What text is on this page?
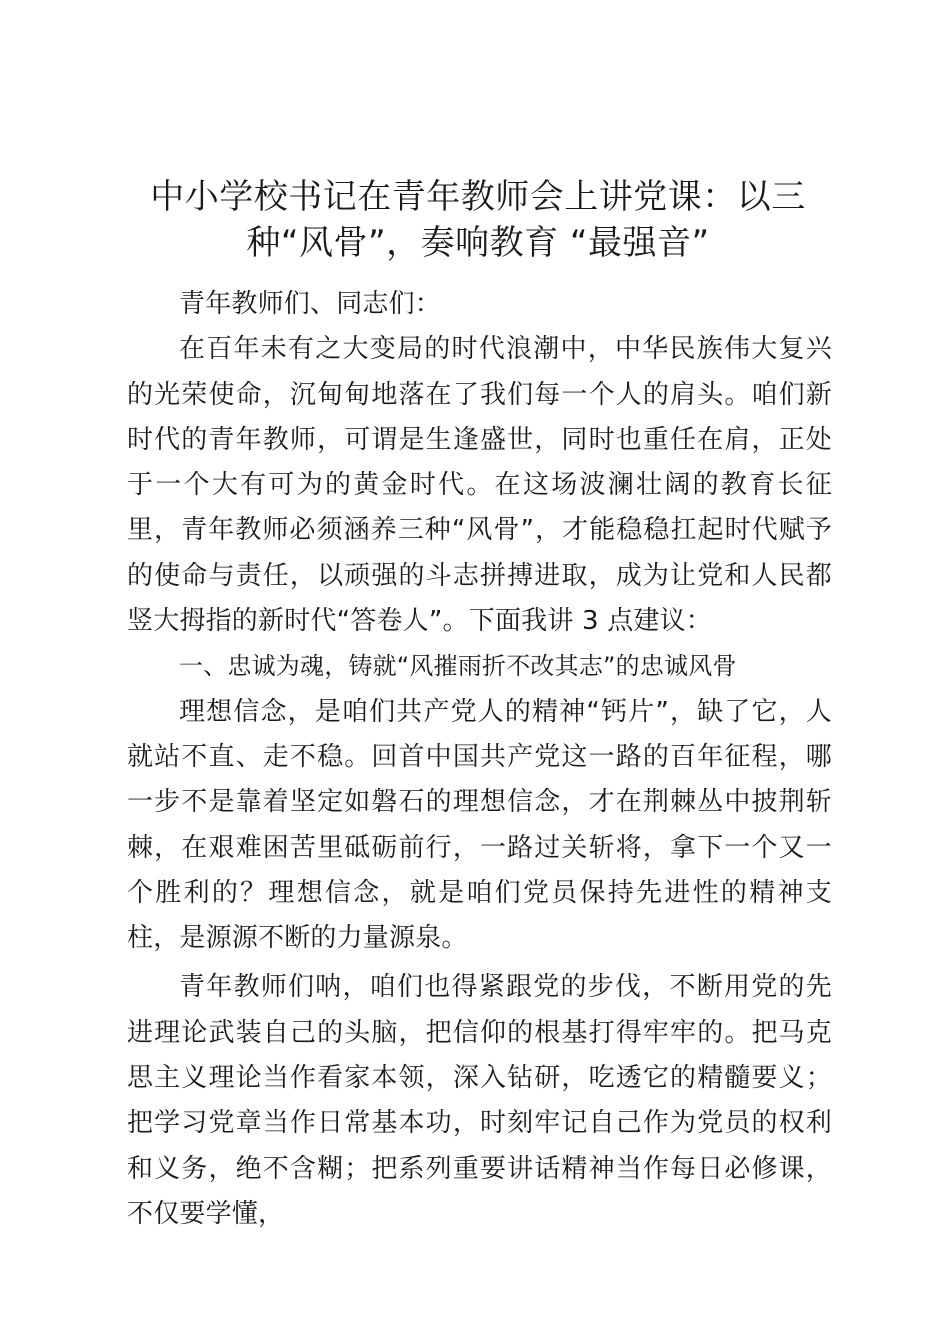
中小学校书记在青年教师会上讲党课：以三种“风骨”，奏响教育 “最强音”

青年教师们、同志们：

在百年未有之大变局的时代浪潮中，中华民族伟大复兴的光荣使命，沉甸甸地落在了我们每一个人的肩头。咱们新时代的青年教师，可谓是生逢盛世，同时也重任在肩，正处于一个大有可为的黄金时代。在这场波澜壮阔的教育长征里，青年教师必须涵养三种“风骨”，才能稳稳扛起时代赋予的使命与责任，以顽强的斗志拼搏进取，成为让党和人民都竖大拇指的新时代“答卷人”。下面我讲 3 点建议：

一、忠诚为魂，铸就“风摧雨折不改其志”的忠诚风骨

理想信念，是咱们共产党人的精神“钙片”，缺了它，人就站不直、走不稳。回首中国共产党这一路的百年征程，哪一步不是靠着坚定如磐石的理想信念，才在荆棘丛中披荆斩棘，在艰难困苦里砥砺前行，一路过关斩将，拿下一个又一个胜利的？理想信念，就是咱们党员保持先进性的精神支柱，是源源不断的力量源泉。

青年教师们呐，咱们也得紧跟党的步伐，不断用党的先进理论武装自己的头脑，把信仰的根基打得牢牢的。把马克思主义理论当作看家本领，深入钻研，吃透它的精髓要义；把学习党章当作日常基本功，时刻牢记自己作为党员的权利和义务，绝不含糊；把系列重要讲话精神当作每日必修课，不仅要学懂，
